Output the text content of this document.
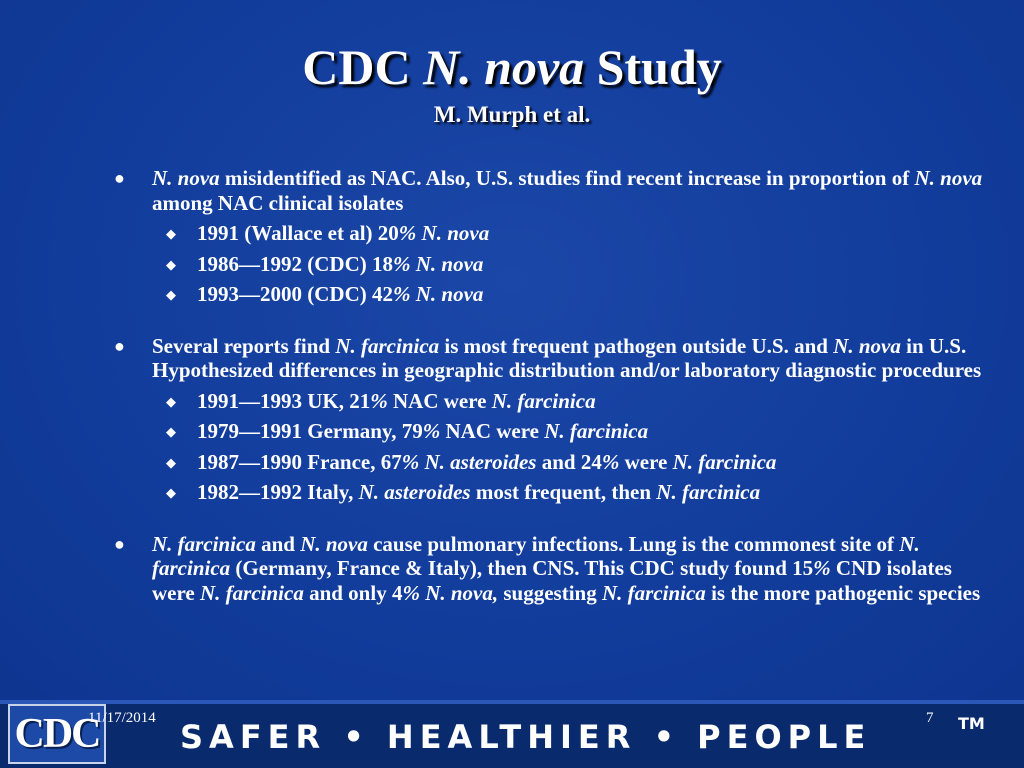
CDC N. nova Study
M. Murph et al.
● N. nova misidentified as NAC. Also, U.S. studies find recent increase in proportion of N. nova among NAC clinical isolates
◆ 1991 (Wallace et al) 20% N. nova
◆ 1986—1992 (CDC) 18% N. nova
◆ 1993—2000 (CDC) 42% N. nova
● Several reports find N. farcinica is most frequent pathogen outside U.S. and N. nova in U.S. Hypothesized differences in geographic distribution and/or laboratory diagnostic procedures
◆ 1991—1993 UK, 21% NAC were N. farcinica
◆ 1979—1991 Germany, 79% NAC were N. farcinica
◆ 1987—1990 France, 67% N. asteroides and 24% were N. farcinica
◆ 1982—1992 Italy, N. asteroides most frequent, then N. farcinica
● N. farcinica and N. nova cause pulmonary infections. Lung is the commonest site of N. farcinica (Germany, France & Italy), then CNS. This CDC study found 15% CND isolates were N. farcinica and only 4% N. nova, suggesting N. farcinica is the more pathogenic species
CDC
11/17/2014 SAFER • HEALTHIER • PEOPLE	7 TM
